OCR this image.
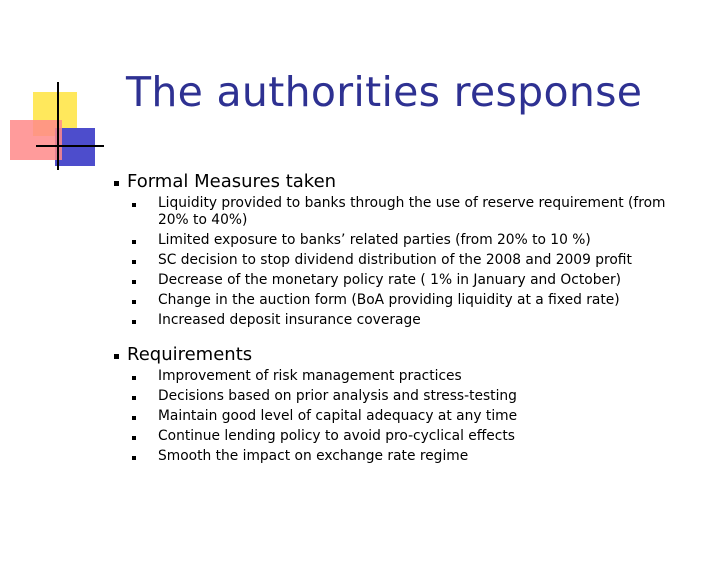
The authorities response
Formal Measures taken
Liquidity provided to banks through the use of reserve requirement (from 20% to 40%)
Limited exposure to banks’ related parties (from 20% to 10 %)
SC decision to stop dividend distribution of the 2008 and 2009 profit
Decrease of the monetary policy rate ( 1% in January and October)
Change in the auction form (BoA providing liquidity at a fixed rate)
Increased deposit insurance coverage
Requirements
Improvement of risk management practices
Decisions based on prior analysis and stress-testing
Maintain good level of capital adequacy at any time
Continue lending policy to avoid pro-cyclical effects
Smooth the impact on exchange rate regime
